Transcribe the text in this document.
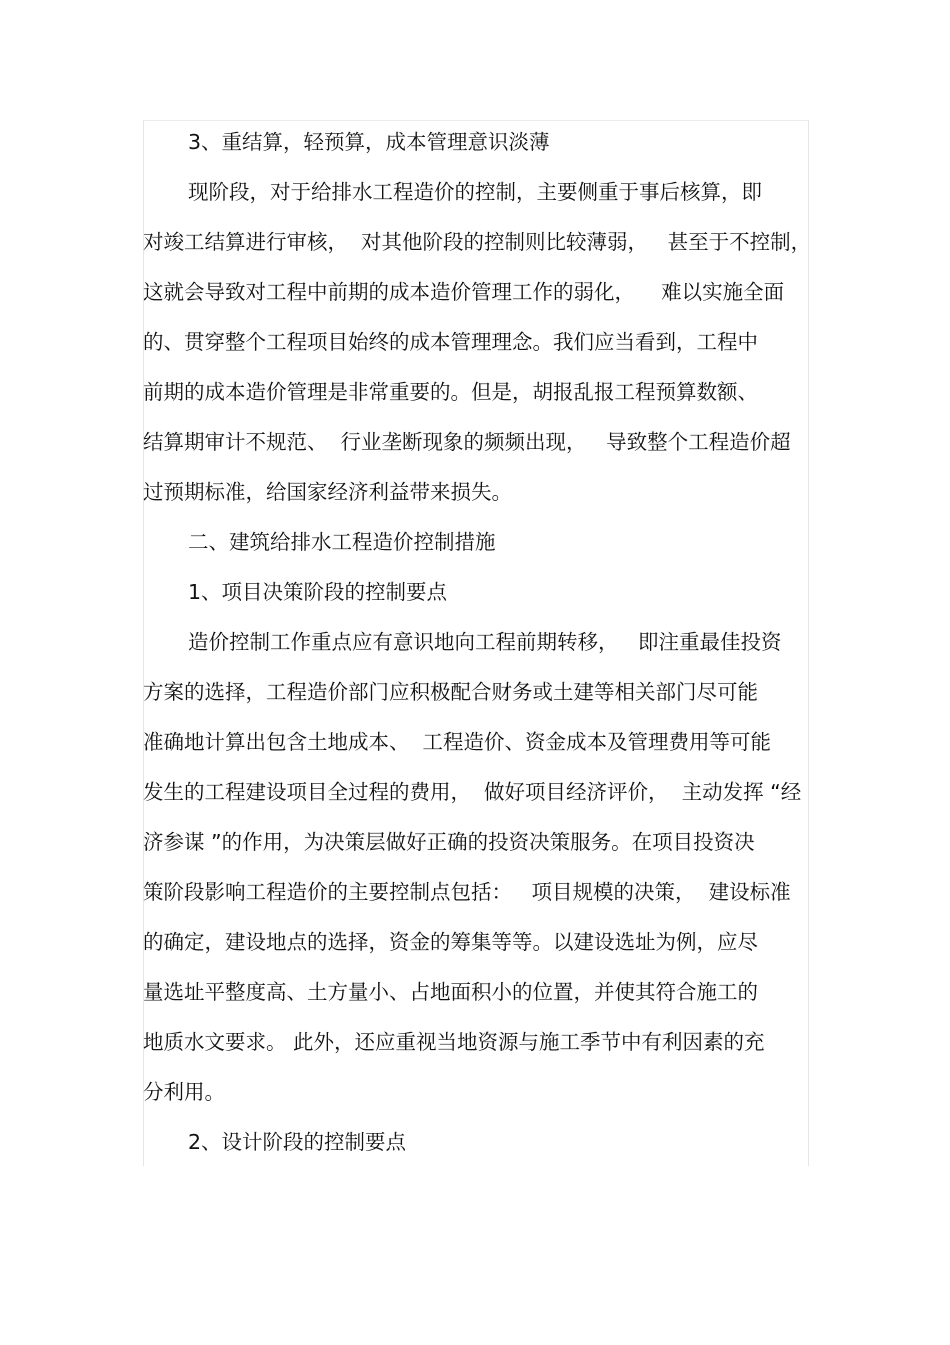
3、重结算，轻预算，成本管理意识淡薄
现阶段，对于给排水工程造价的控制，主要侧重于事后核算，即
对竣工结算进行审核，  对其他阶段的控制则比较薄弱，   甚至于不控制，
这就会导致对工程中前期的成本造价管理工作的弱化，    难以实施全面
的、贯穿整个工程项目始终的成本管理理念。我们应当看到，工程中
前期的成本造价管理是非常重要的。但是，胡报乱报工程预算数额、
结算期审计不规范、  行业垄断现象的频频出现，   导致整个工程造价超
过预期标准，给国家经济利益带来损失。
二、建筑给排水工程造价控制措施
1、项目决策阶段的控制要点
造价控制工作重点应有意识地向工程前期转移，   即注重最佳投资
方案的选择，工程造价部门应积极配合财务或土建等相关部门尽可能
准确地计算出包含土地成本、  工程造价、资金成本及管理费用等可能
发生的工程建设项目全过程的费用，  做好项目经济评价，  主动发挥 “经
济参谋 ”的作用，为决策层做好正确的投资决策服务。在项目投资决
策阶段影响工程造价的主要控制点包括：   项目规模的决策，  建设标准
的确定，建设地点的选择，资金的筹集等等。以建设选址为例，应尽
量选址平整度高、土方量小、占地面积小的位置，并使其符合施工的
地质水文要求。 此外，还应重视当地资源与施工季节中有利因素的充
分利用。
2、设计阶段的控制要点
